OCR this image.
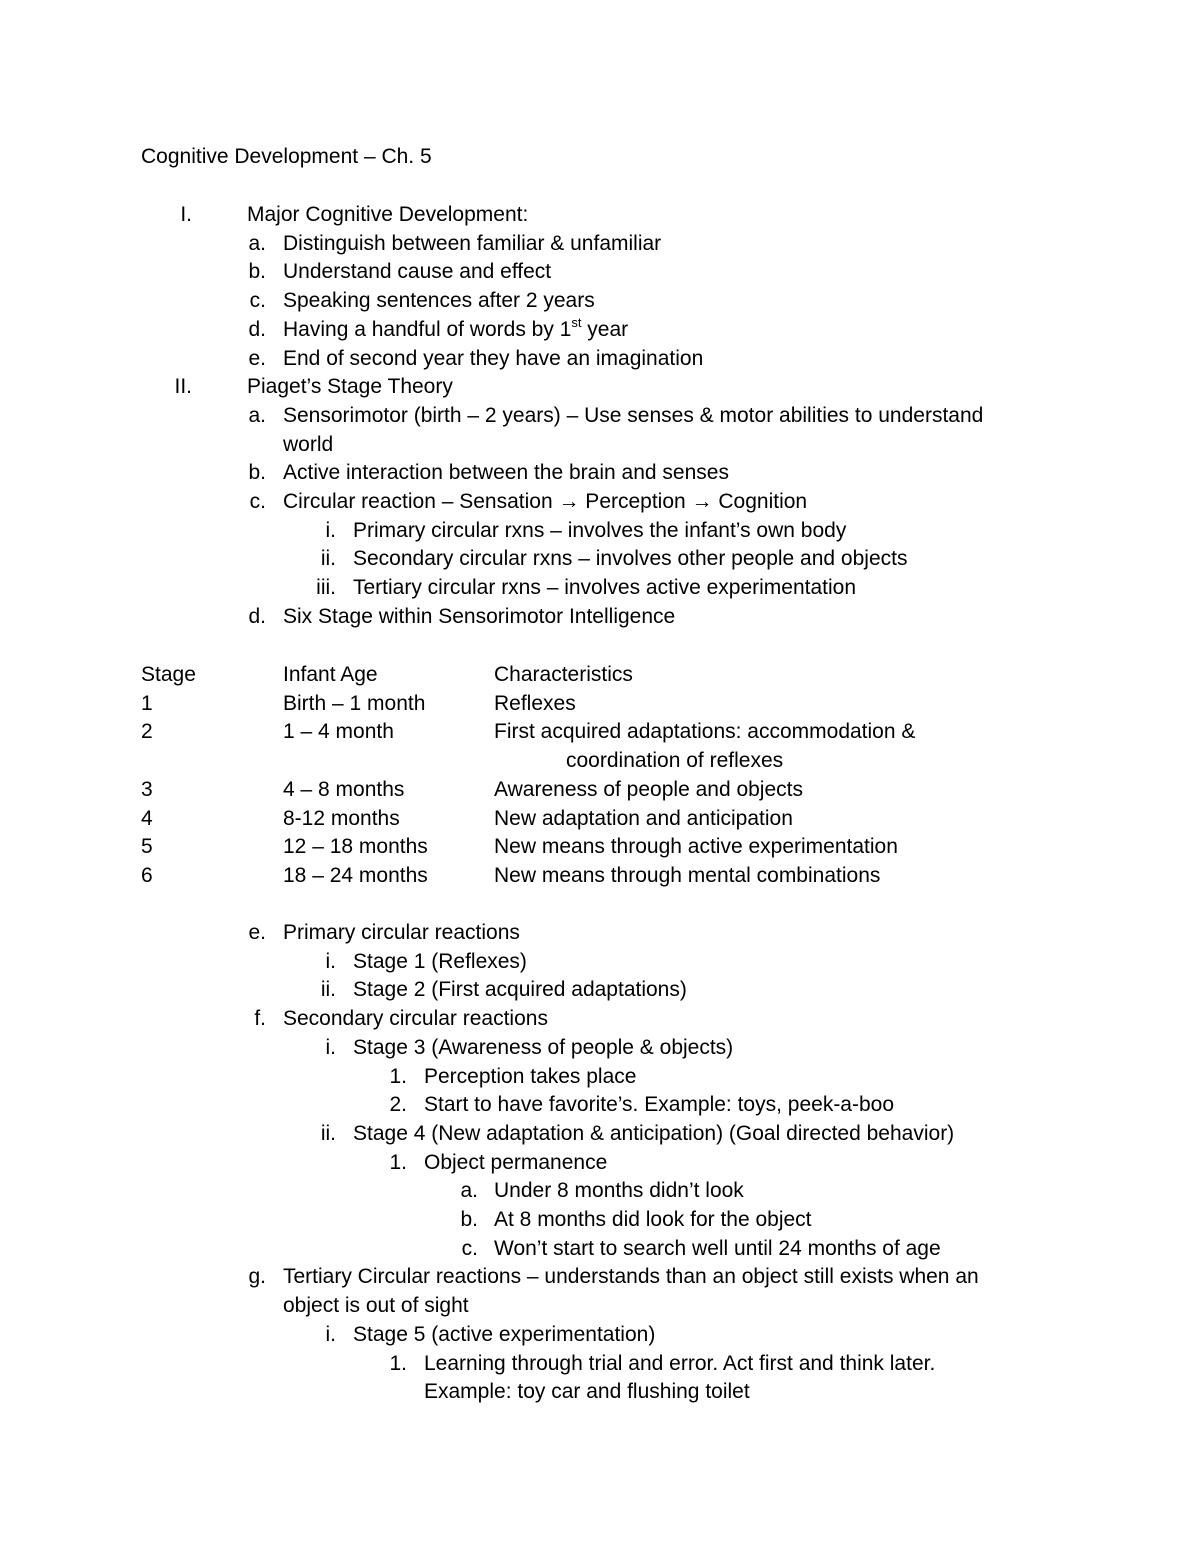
Cognitive Development – Ch. 5
I.	Major Cognitive Development:
a. Distinguish between familiar & unfamiliar
b. Understand cause and effect
c. Speaking sentences after 2 years
d. Having a handful of words by 1st year
e. End of second year they have an imagination
II.	Piaget’s Stage Theory
a. Sensorimotor (birth – 2 years) – Use senses & motor abilities to understand
world
b. Active interaction between the brain and senses
c. Circular reaction – Sensation → Perception → Cognition
i. Primary circular rxns – involves the infant’s own body
ii. Secondary circular rxns – involves other people and objects
iii. Tertiary circular rxns – involves active experimentation
d. Six Stage within Sensorimotor Intelligence
Stage	Infant Age	Characteristics
1	Birth – 1 month	Reflexes
2	1 – 4 month	First acquired adaptations: accommodation &
coordination of reflexes
3	4 – 8 months	Awareness of people and objects
4	8-12 months	New adaptation and anticipation
5	12 – 18 months	New means through active experimentation
6	18 – 24 months	New means through mental combinations
e. Primary circular reactions
i. Stage 1 (Reflexes)
ii. Stage 2 (First acquired adaptations)
f. Secondary circular reactions
i. Stage 3 (Awareness of people & objects)
1. Perception takes place
2. Start to have favorite’s. Example: toys, peek-a-boo
ii. Stage 4 (New adaptation & anticipation) (Goal directed behavior)
1. Object permanence
a. Under 8 months didn’t look
b. At 8 months did look for the object
c. Won’t start to search well until 24 months of age
g. Tertiary Circular reactions – understands than an object still exists when an
object is out of sight
i. Stage 5 (active experimentation)
1. Learning through trial and error. Act first and think later.
Example: toy car and flushing toilet
